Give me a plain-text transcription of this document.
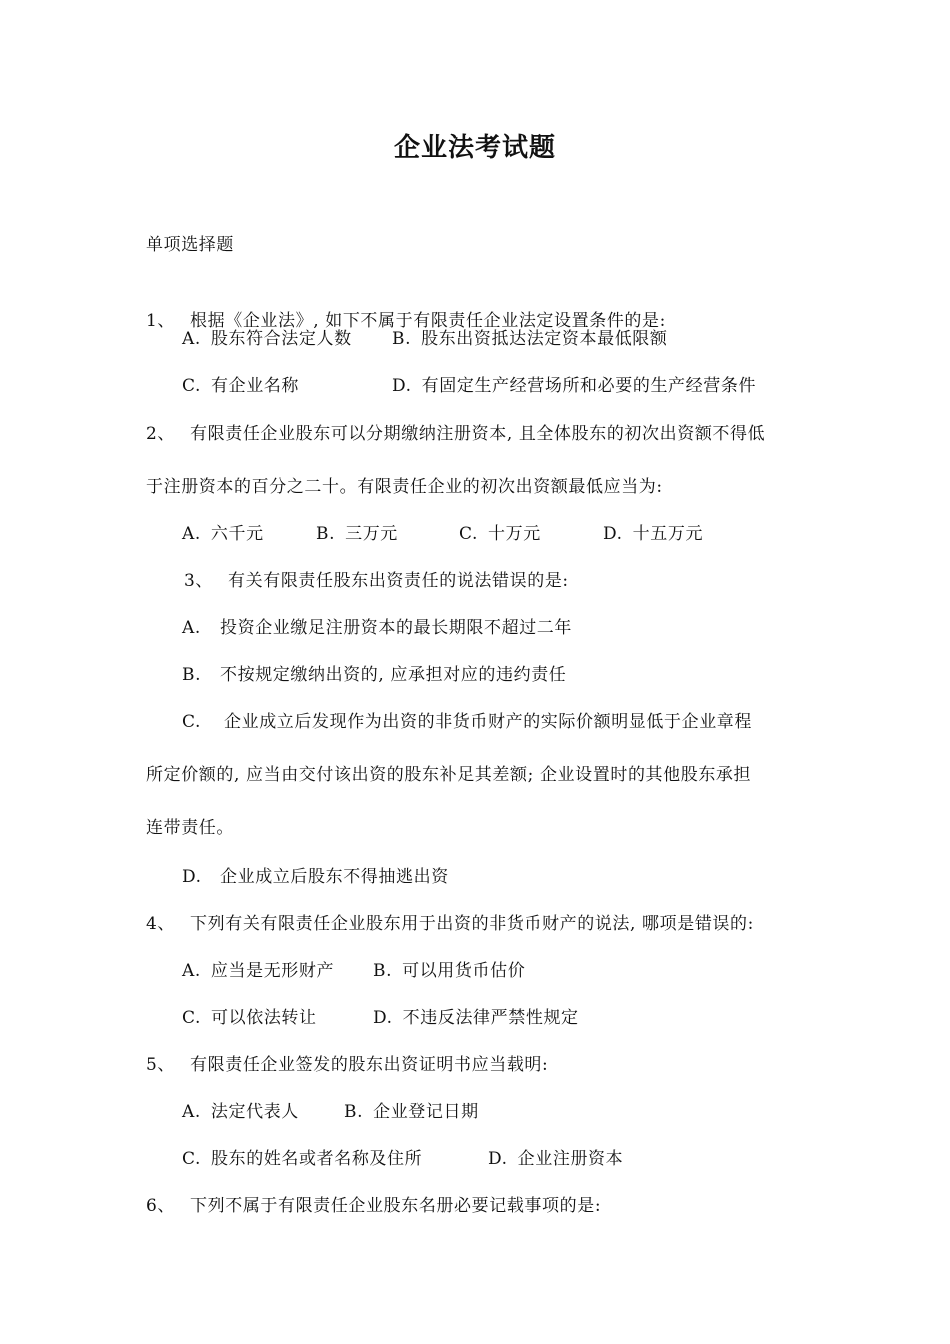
企业法考试题
单项选择题
1、 根据《企业法》, 如下不属于有限责任企业法定设置条件的是:
A. 股东符合法定人数 B. 股东出资抵达法定资本最低限额
C. 有企业名称	D. 有固定生产经营场所和必要的生产经营条件
2、 有限责任企业股东可以分期缴纳注册资本, 且全体股东的初次出资额不得低
于注册资本的百分之二十。有限责任企业的初次出资额最低应当为:
A. 六千元	B. 三万元	C. 十万元	D. 十五万元
3、 有关有限责任股东出资责任的说法错误的是:
A. 投资企业缴足注册资本的最长期限不超过二年
B. 不按规定缴纳出资的, 应承担对应的违约责任
C. 企业成立后发现作为出资的非货币财产的实际价额明显低于企业章程
所定价额的, 应当由交付该出资的股东补足其差额; 企业设置时的其他股东承担
连带责任。
D. 企业成立后股东不得抽逃出资
4、 下列有关有限责任企业股东用于出资的非货币财产的说法, 哪项是错误的:
A. 应当是无形财产 B. 可以用货币估价
C. 可以依法转让	D. 不违反法律严禁性规定
5、 有限责任企业签发的股东出资证明书应当载明:
A. 法定代表人	B. 企业登记日期
C. 股东的姓名或者名称及住所	D. 企业注册资本
6、 下列不属于有限责任企业股东名册必要记载事项的是:
